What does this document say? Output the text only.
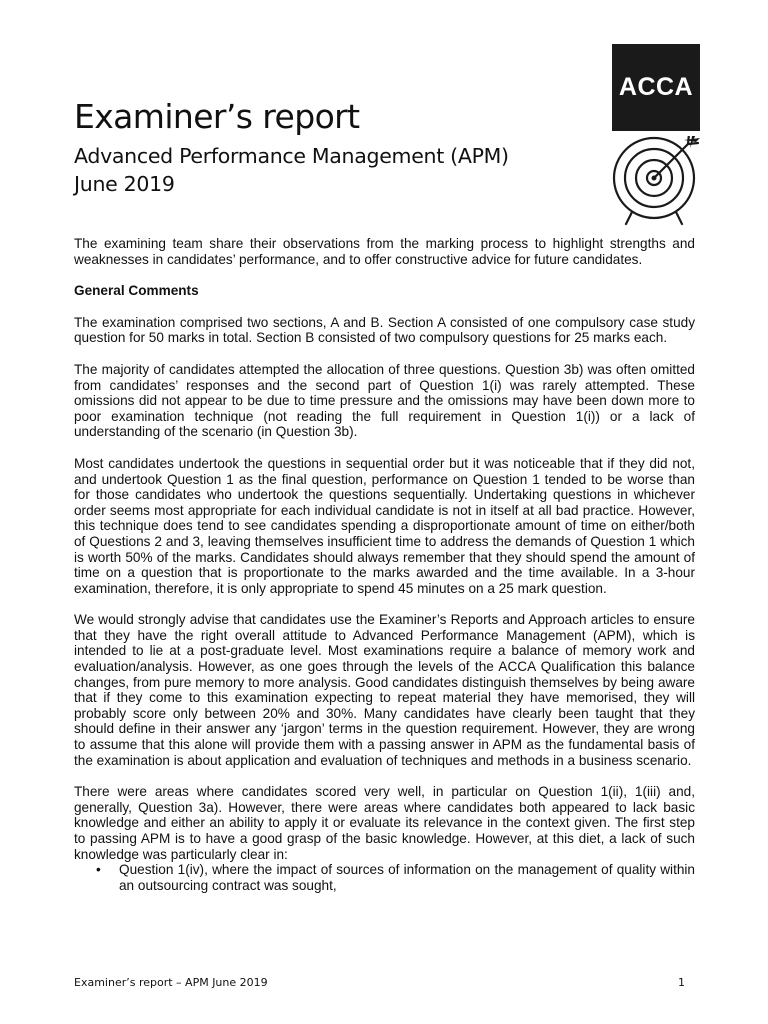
ACCA
Examiner’s report
Advanced Performance Management (APM)
June 2019

The examining team share their observations from the marking process to highlight strengths and weaknesses in candidates’ performance, and to offer constructive advice for future candidates.

General Comments

The examination comprised two sections, A and B. Section A consisted of one compulsory case study question for 50 marks in total. Section B consisted of two compulsory questions for 25 marks each.

The majority of candidates attempted the allocation of three questions. Question 3b) was often omitted from candidates’ responses and the second part of Question 1(i) was rarely attempted. These omissions did not appear to be due to time pressure and the omissions may have been down more to poor examination technique (not reading the full requirement in Question 1(i)) or a lack of understanding of the scenario (in Question 3b).

Most candidates undertook the questions in sequential order but it was noticeable that if they did not, and undertook Question 1 as the final question, performance on Question 1 tended to be worse than for those candidates who undertook the questions sequentially. Undertaking questions in whichever order seems most appropriate for each individual candidate is not in itself at all bad practice. However, this technique does tend to see candidates spending a disproportionate amount of time on either/both of Questions 2 and 3, leaving themselves insufficient time to address the demands of Question 1 which is worth 50% of the marks. Candidates should always remember that they should spend the amount of time on a question that is proportionate to the marks awarded and the time available. In a 3-hour examination, therefore, it is only appropriate to spend 45 minutes on a 25 mark question.

We would strongly advise that candidates use the Examiner’s Reports and Approach articles to ensure that they have the right overall attitude to Advanced Performance Management (APM), which is intended to lie at a post-graduate level. Most examinations require a balance of memory work and evaluation/analysis. However, as one goes through the levels of the ACCA Qualification this balance changes, from pure memory to more analysis. Good candidates distinguish themselves by being aware that if they come to this examination expecting to repeat material they have memorised, they will probably score only between 20% and 30%. Many candidates have clearly been taught that they should define in their answer any ‘jargon’ terms in the question requirement. However, they are wrong to assume that this alone will provide them with a passing answer in APM as the fundamental basis of the examination is about application and evaluation of techniques and methods in a business scenario.

There were areas where candidates scored very well, in particular on Question 1(ii), 1(iii) and, generally, Question 3a). However, there were areas where candidates both appeared to lack basic knowledge and either an ability to apply it or evaluate its relevance in the context given. The first step to passing APM is to have a good grasp of the basic knowledge. However, at this diet, a lack of such knowledge was particularly clear in:

• Question 1(iv), where the impact of sources of information on the management of quality within an outsourcing contract was sought,
Examiner’s report – APM June 2019	1
